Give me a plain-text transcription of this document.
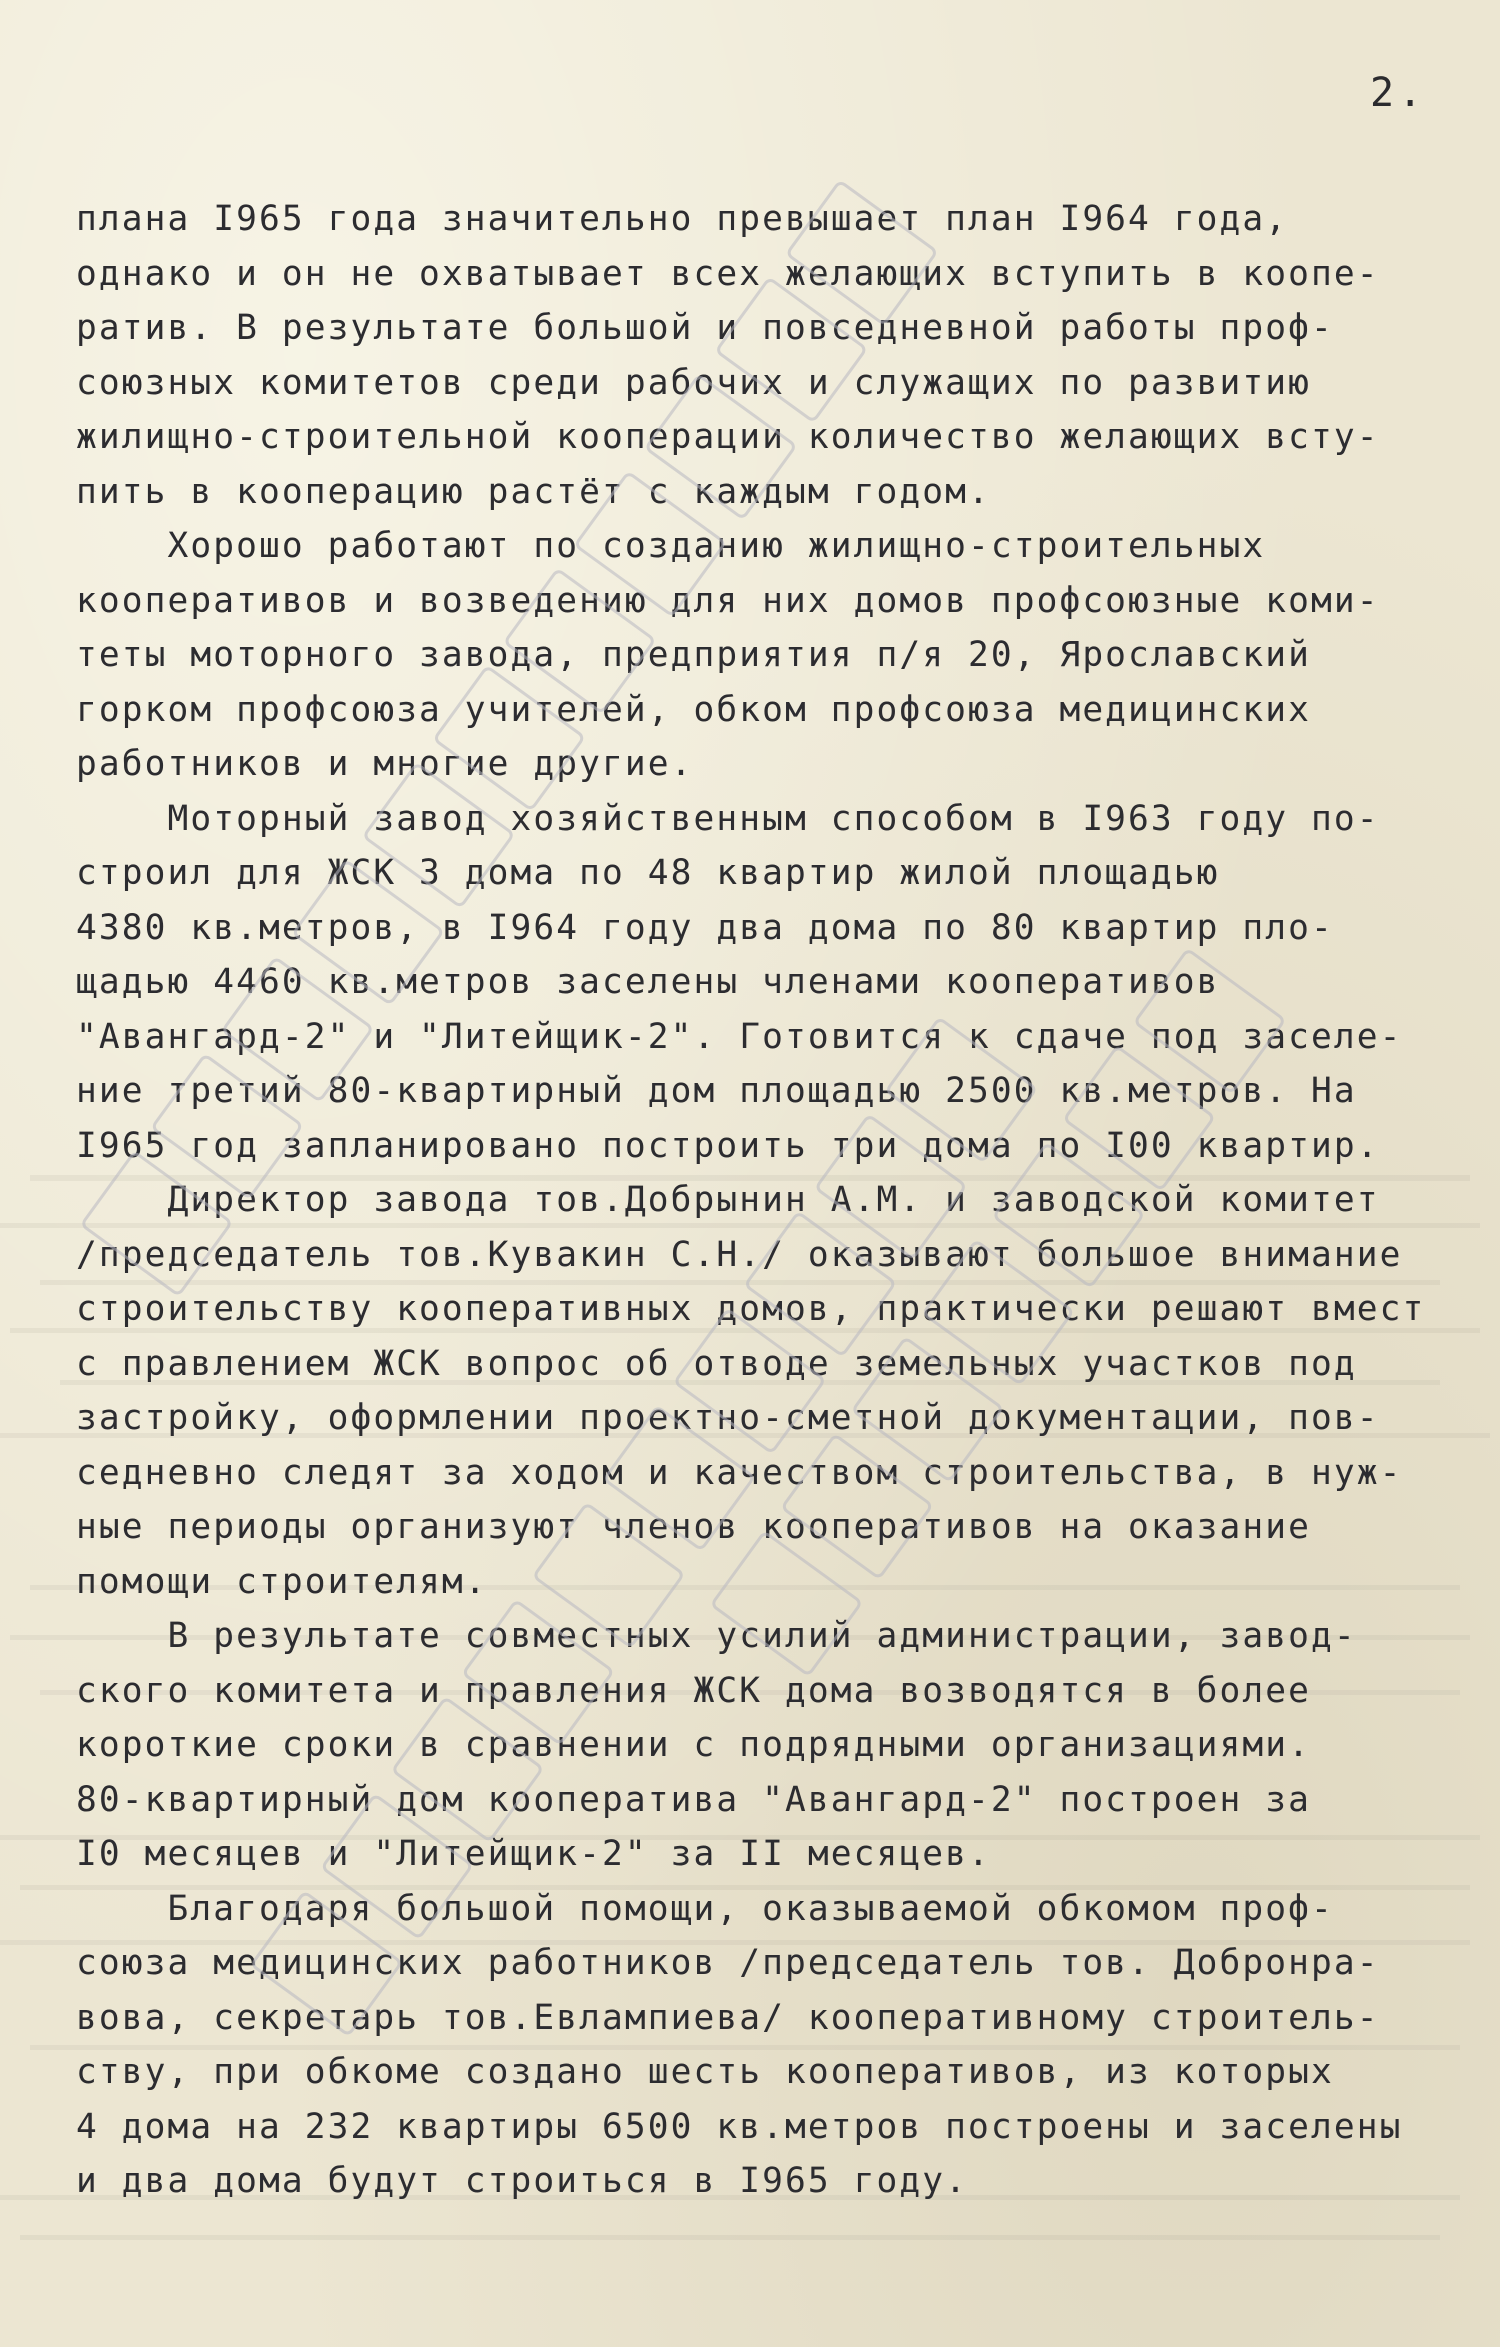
2.
плана I965 года значительно превышает план I964 года,
однако и он не охватывает всех желающих вступить в коопе-
ратив. В результате большой и повседневной работы проф-
союзных комитетов среди рабочих и служащих по развитию
жилищно-строительной кооперации количество желающих всту-
пить в кооперацию растёт с каждым годом.
Хорошо работают по созданию жилищно-строительных
кооперативов и возведению для них домов профсоюзные коми-
теты моторного завода, предприятия п/я 20, Ярославский
горком профсоюза учителей, обком профсоюза медицинских
работников и многие другие.
Моторный завод хозяйственным способом в I963 году по-
строил для ЖСК 3 дома по 48 квартир жилой площадью
4380 кв.метров, в I964 году два дома по 80 квартир пло-
щадью 4460 кв.метров заселены членами кооперативов
"Авангард-2" и "Литейщик-2". Готовится к сдаче под заселе-
ние третий 80-квартирный дом площадью 2500 кв.метров. На
I965 год запланировано построить три дома по I00 квартир.
Директор завода тов.Добрынин А.М. и заводской комитет
/председатель тов.Кувакин С.Н./ оказывают большое внимание
строительству кооперативных домов, практически решают вмест
с правлением ЖСК вопрос об отводе земельных участков под
застройку, оформлении проектно-сметной документации, пов-
седневно следят за ходом и качеством строительства, в нуж-
ные периоды организуют членов кооперативов на оказание
помощи строителям.
В результате совместных усилий администрации, завод-
ского комитета и правления ЖСК дома возводятся в более
короткие сроки в сравнении с подрядными организациями.
80-квартирный дом кооператива "Авангард-2" построен за
I0 месяцев и "Литейщик-2" за II месяцев.
Благодаря большой помощи, оказываемой обкомом проф-
союза медицинских работников /председатель тов. Добронра-
вова, секретарь тов.Евлампиева/ кооперативному строитель-
ству, при обкоме создано шесть кооперативов, из которых
4 дома на 232 квартиры 6500 кв.метров построены и заселены
и два дома будут строиться в I965 году.
